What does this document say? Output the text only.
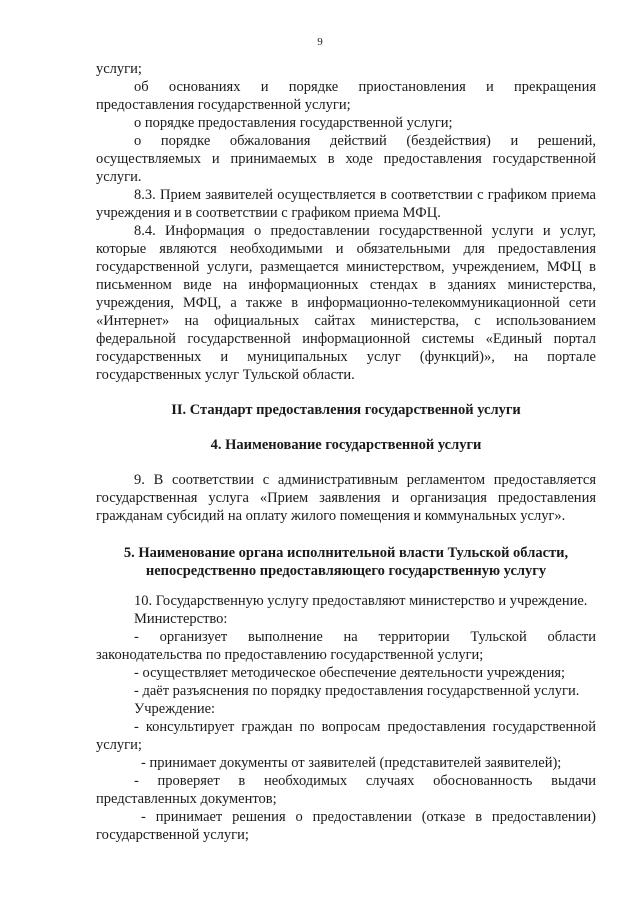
9

услуги;

об основаниях и порядке приостановления и прекращения предоставления государственной услуги;

о порядке предоставления государственной услуги;

о порядке обжалования действий (бездействия) и решений, осуществляемых и принимаемых в ходе предоставления государственной услуги.

8.3. Прием заявителей осуществляется в соответствии с графиком приема учреждения и в соответствии с графиком приема МФЦ.

8.4. Информация о предоставлении государственной услуги и услуг, которые являются необходимыми и обязательными для предоставления государственной услуги, размещается министерством, учреждением, МФЦ в письменном виде на информационных стендах в зданиях министерства, учреждения, МФЦ, а также в информационно-телекоммуникационной сети «Интернет» на официальных сайтах министерства, с использованием федеральной государственной информационной системы «Единый портал государственных и муниципальных услуг (функций)», на портале государственных услуг Тульской области.

II. Стандарт предоставления государственной услуги
4. Наименование государственной услуги

9. В соответствии с административным регламентом предоставляется государственная услуга «Прием заявления и организация предоставления гражданам субсидий на оплату жилого помещения и коммунальных услуг».

5. Наименование органа исполнительной власти Тульской области,
непосредственно предоставляющего государственную услугу

10. Государственную услугу предоставляют министерство и учреждение.

Министерство:

- организует выполнение на территории Тульской области законодательства по предоставлению государственной услуги;

- осуществляет методическое обеспечение деятельности учреждения;

- даёт разъяснения по порядку предоставления государственной услуги.

Учреждение:

- консультирует граждан по вопросам предоставления государственной услуги;

- принимает документы от заявителей (представителей заявителей);

- проверяет в необходимых случаях обоснованность выдачи представленных документов;

- принимает решения о предоставлении (отказе в предоставлении) государственной услуги;
